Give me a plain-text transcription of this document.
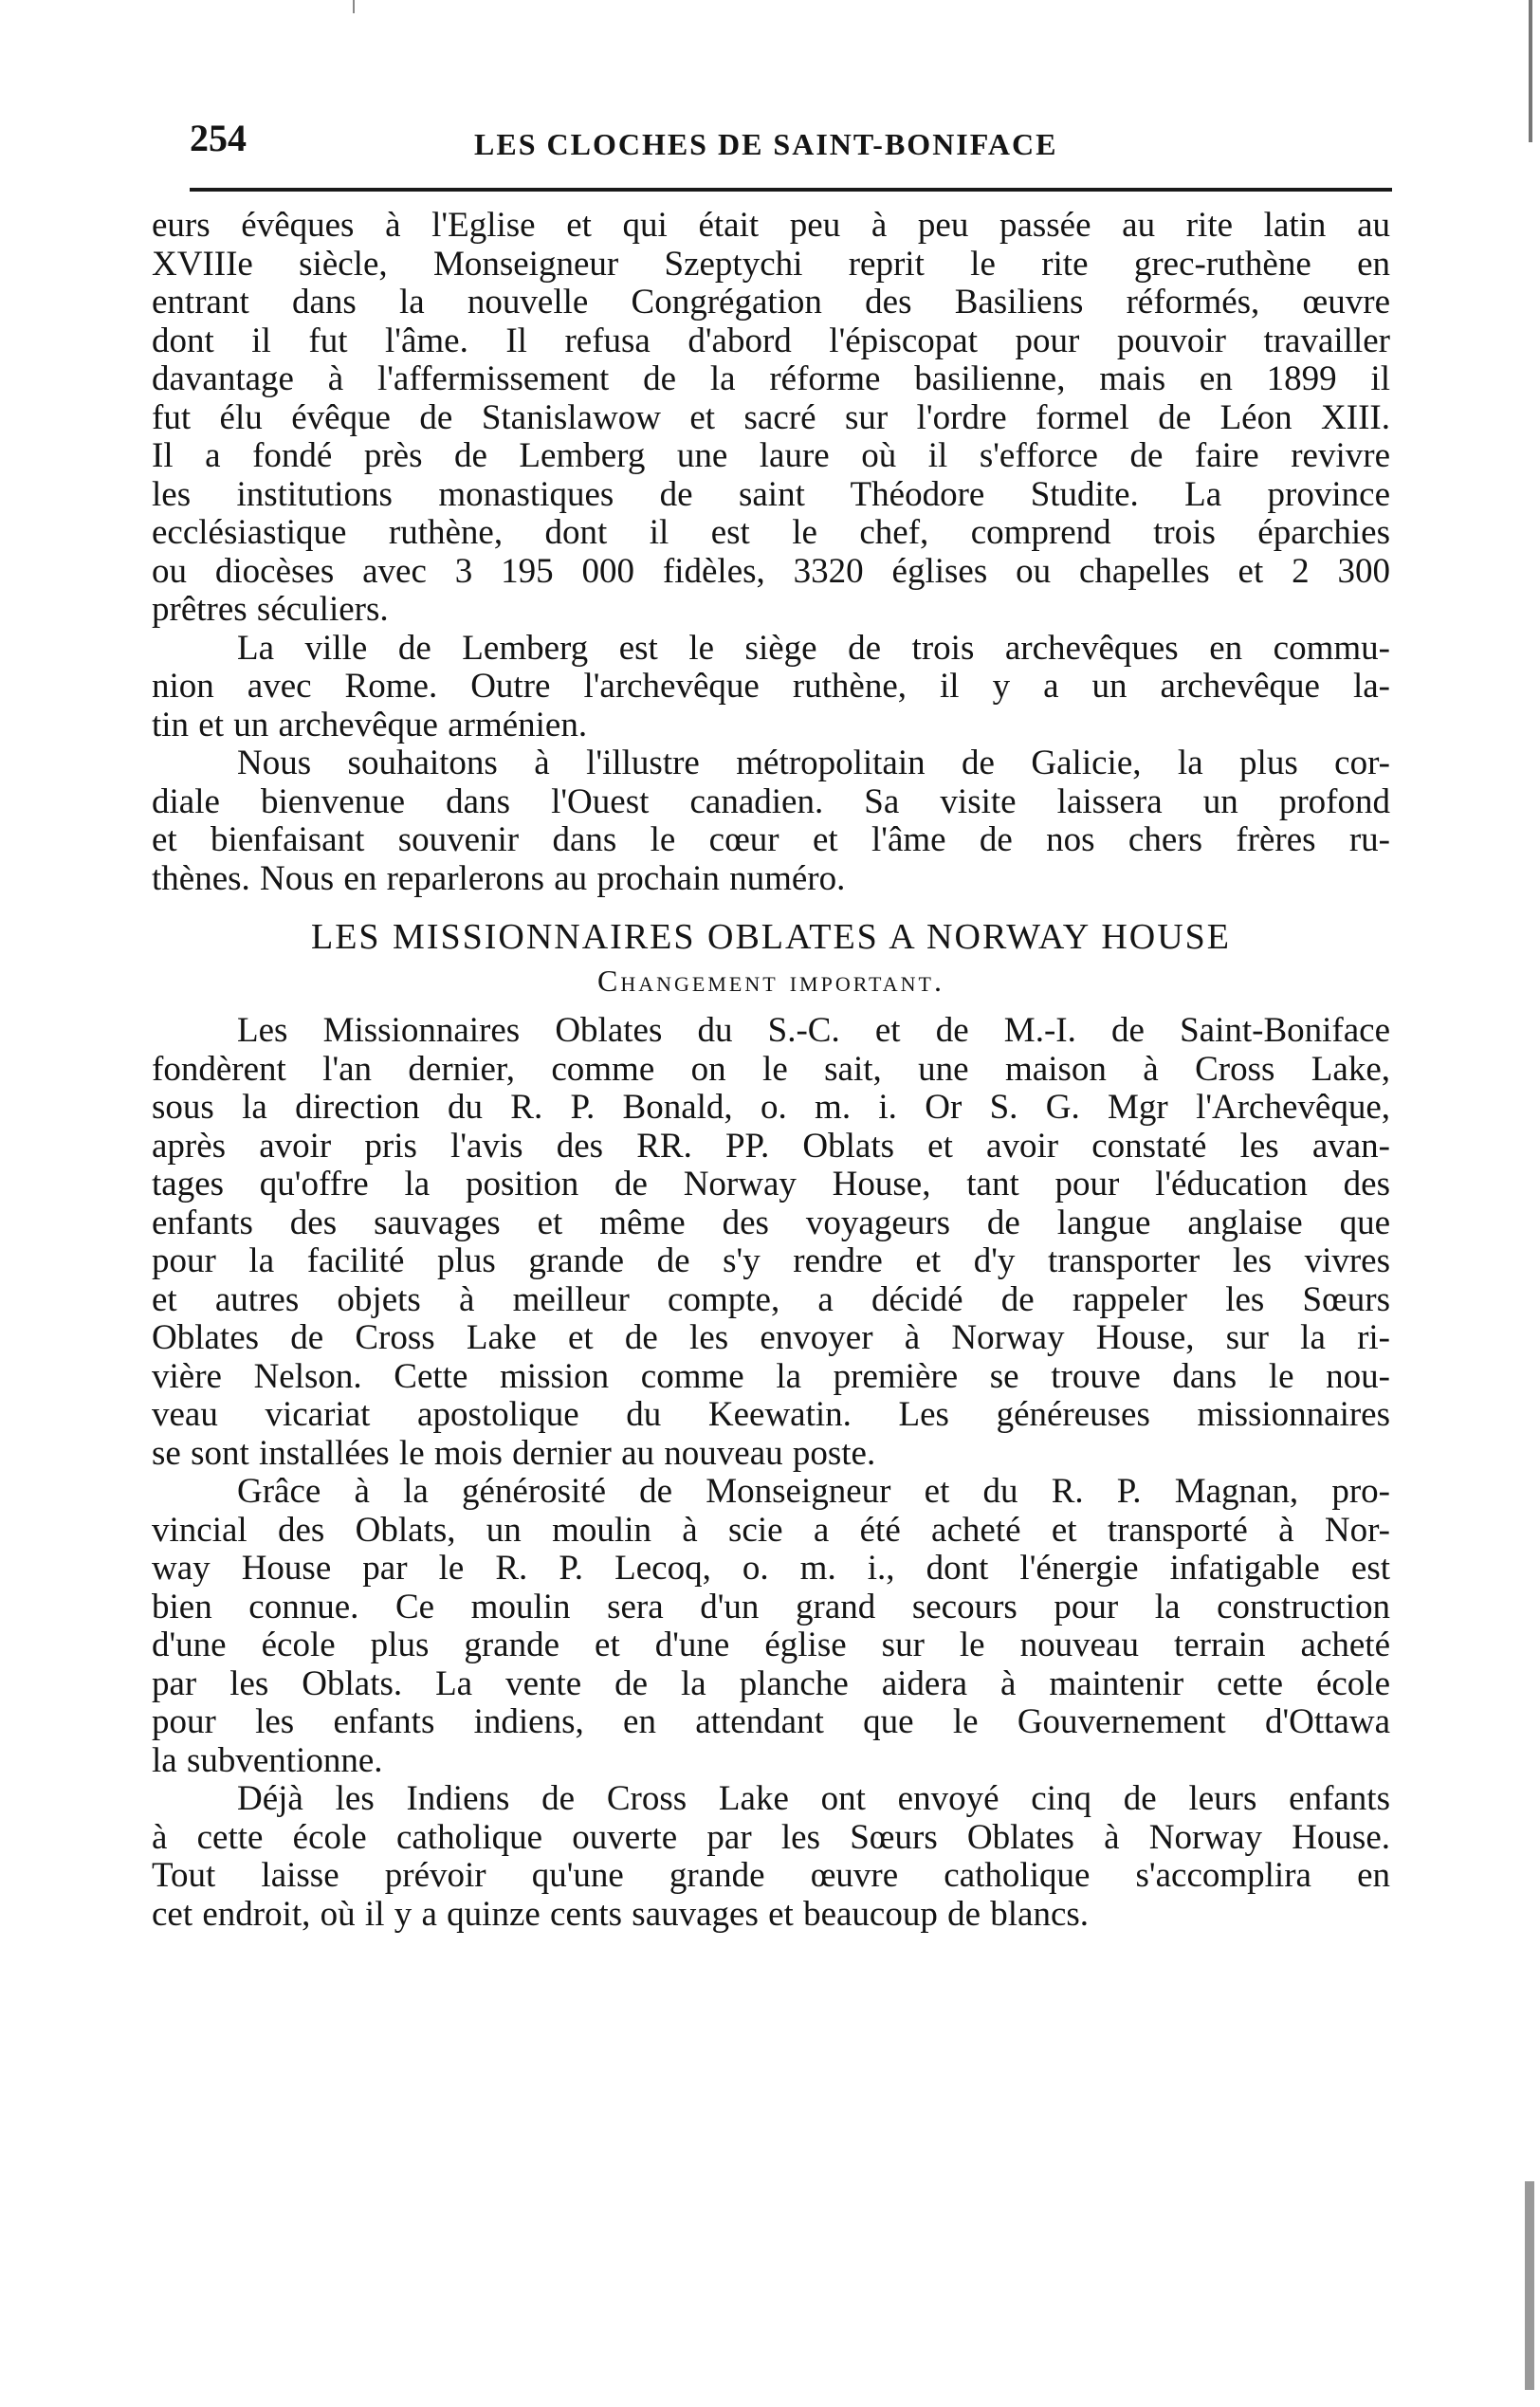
254	LES CLOCHES DE SAINT-BONIFACE

eurs évêques à l'Eglise et qui était peu à peu passée au rite latin au
XVIIIe siècle, Monseigneur Szeptychi reprit le rite grec-ruthène en
entrant dans la nouvelle Congrégation des Basiliens réformés, œuvre
dont il fut l'âme. Il refusa d'abord l'épiscopat pour pouvoir travailler
davantage à l'affermissement de la réforme basilienne, mais en 1899 il
fut élu évêque de Stanislawow et sacré sur l'ordre formel de Léon XIII.
Il a fondé près de Lemberg une laure où il s'efforce de faire revivre
les institutions monastiques de saint Théodore Studite. La province
ecclésiastique ruthène, dont il est le chef, comprend trois éparchies
ou diocèses avec 3 195 000 fidèles, 3320 églises ou chapelles et 2 300
prêtres séculiers.

La ville de Lemberg est le siège de trois archevêques en commu-
nion avec Rome. Outre l'archevêque ruthène, il y a un archevêque la-
tin et un archevêque arménien.

Nous souhaitons à l'illustre métropolitain de Galicie, la plus cor-
diale bienvenue dans l'Ouest canadien. Sa visite laissera un profond
et bienfaisant souvenir dans le cœur et l'âme de nos chers frères ru-
thènes. Nous en reparlerons au prochain numéro.

LES MISSIONNAIRES OBLATES A NORWAY HOUSE
Changement important.

Les Missionnaires Oblates du S.-C. et de M.-I. de Saint-Boniface
fondèrent l'an dernier, comme on le sait, une maison à Cross Lake,
sous la direction du R. P. Bonald, o. m. i. Or S. G. Mgr l'Archevêque,
après avoir pris l'avis des RR. PP. Oblats et avoir constaté les avan-
tages qu'offre la position de Norway House, tant pour l'éducation des
enfants des sauvages et même des voyageurs de langue anglaise que
pour la facilité plus grande de s'y rendre et d'y transporter les vivres
et autres objets à meilleur compte, a décidé de rappeler les Sœurs
Oblates de Cross Lake et de les envoyer à Norway House, sur la ri-
vière Nelson. Cette mission comme la première se trouve dans le nou-
veau vicariat apostolique du Keewatin. Les généreuses missionnaires
se sont installées le mois dernier au nouveau poste.

Grâce à la générosité de Monseigneur et du R. P. Magnan, pro-
vincial des Oblats, un moulin à scie a été acheté et transporté à Nor-
way House par le R. P. Lecoq, o. m. i., dont l'énergie infatigable est
bien connue. Ce moulin sera d'un grand secours pour la construction
d'une école plus grande et d'une église sur le nouveau terrain acheté
par les Oblats. La vente de la planche aidera à maintenir cette école
pour les enfants indiens, en attendant que le Gouvernement d'Ottawa
la subventionne.

Déjà les Indiens de Cross Lake ont envoyé cinq de leurs enfants
à cette école catholique ouverte par les Sœurs Oblates à Norway House.
Tout laisse prévoir qu'une grande œuvre catholique s'accomplira en
cet endroit, où il y a quinze cents sauvages et beaucoup de blancs.
